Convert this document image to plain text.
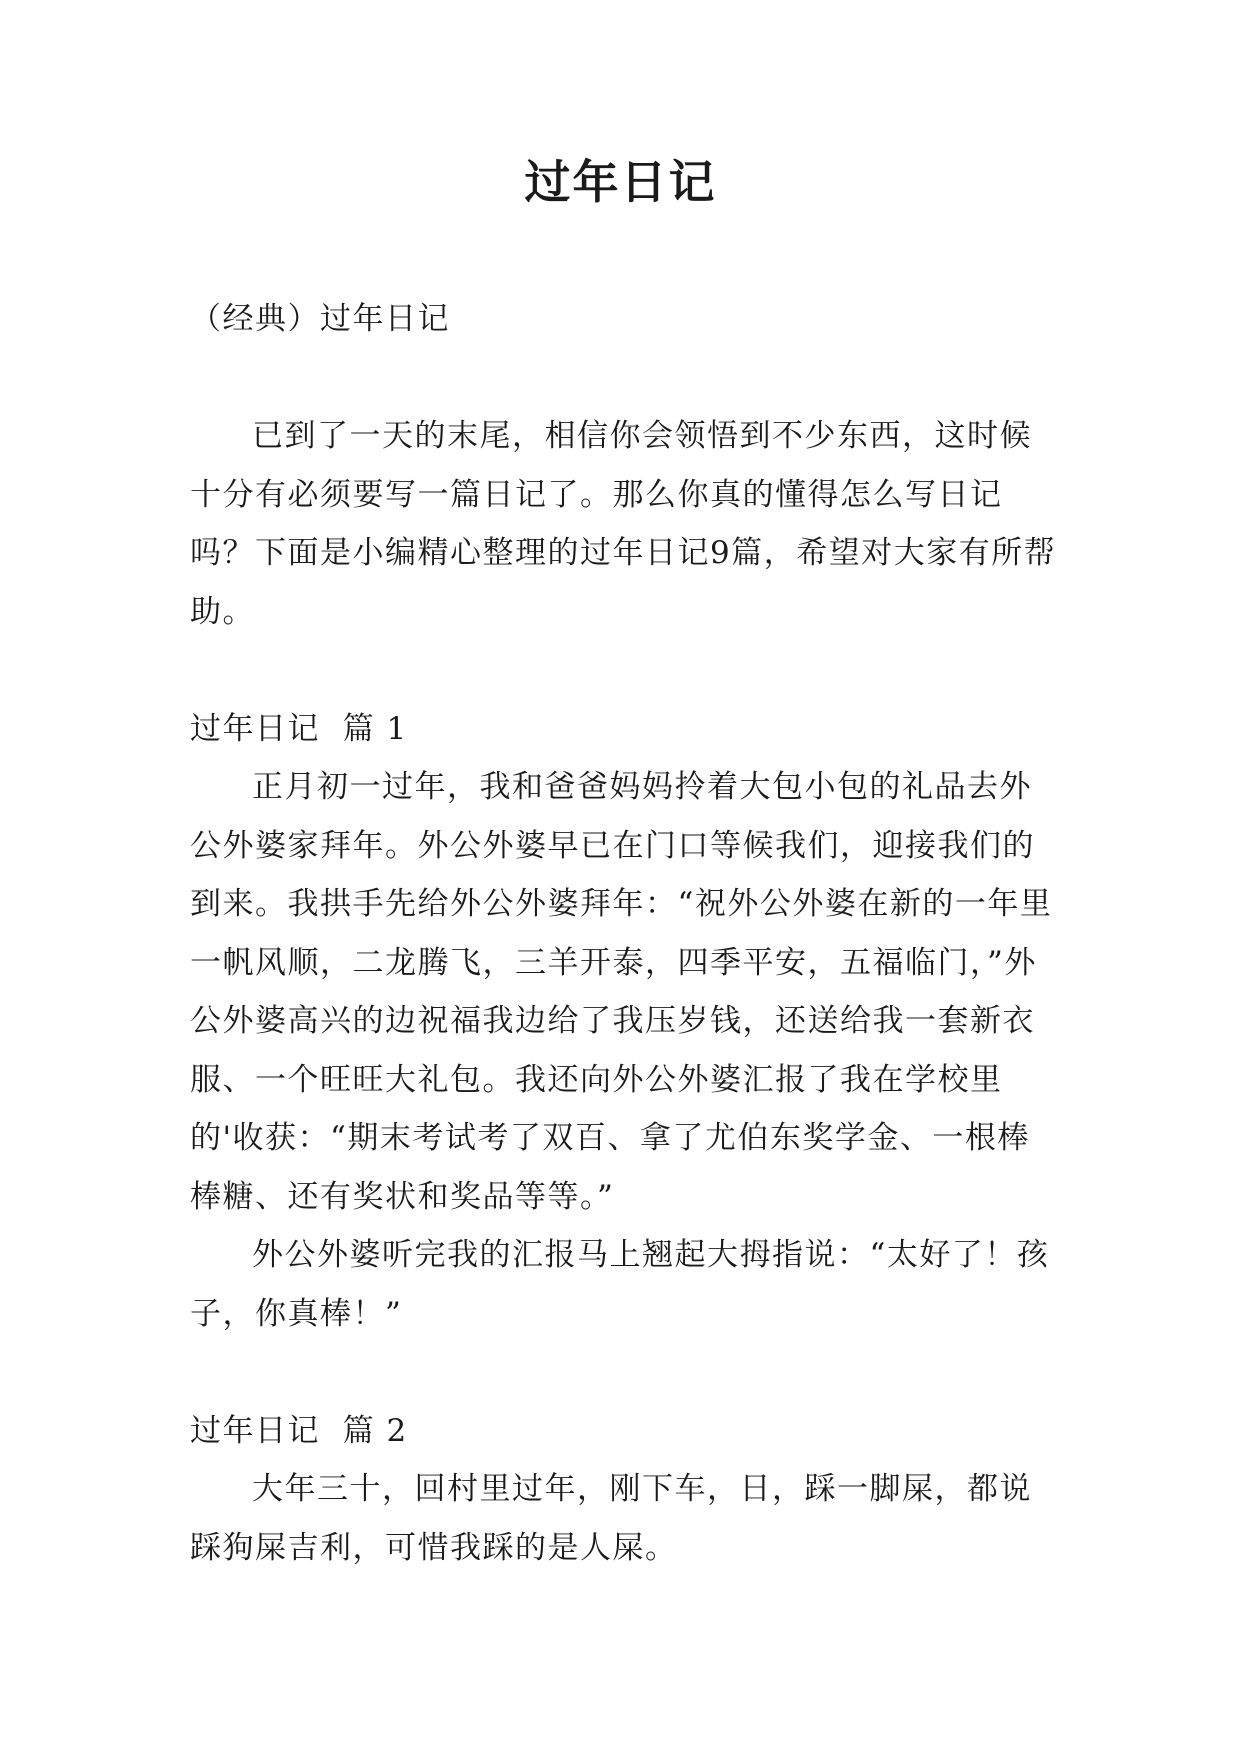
过年日记

（经典）过年日记

已到了一天的末尾，相信你会领悟到不少东西，这时候十分有必须要写一篇日记了。那么你真的懂得怎么写日记吗？下面是小编精心整理的过年日记9篇，希望对大家有所帮助。

过年日记  篇 1

正月初一过年，我和爸爸妈妈拎着大包小包的礼品去外公外婆家拜年。外公外婆早已在门口等候我们，迎接我们的到来。我拱手先给外公外婆拜年：“祝外公外婆在新的一年里一帆风顺，二龙腾飞，三羊开泰，四季平安，五福临门，”外公外婆高兴的边祝福我边给了我压岁钱，还送给我一套新衣服、一个旺旺大礼包。我还向外公外婆汇报了我在学校里的'收获：“期末考试考了双百、拿了尤伯东奖学金、一根棒棒糖、还有奖状和奖品等等。”

外公外婆听完我的汇报马上翘起大拇指说：“太好了！孩子，你真棒！”

过年日记  篇 2

大年三十，回村里过年，刚下车，日，踩一脚屎，都说踩狗屎吉利，可惜我踩的是人屎。
